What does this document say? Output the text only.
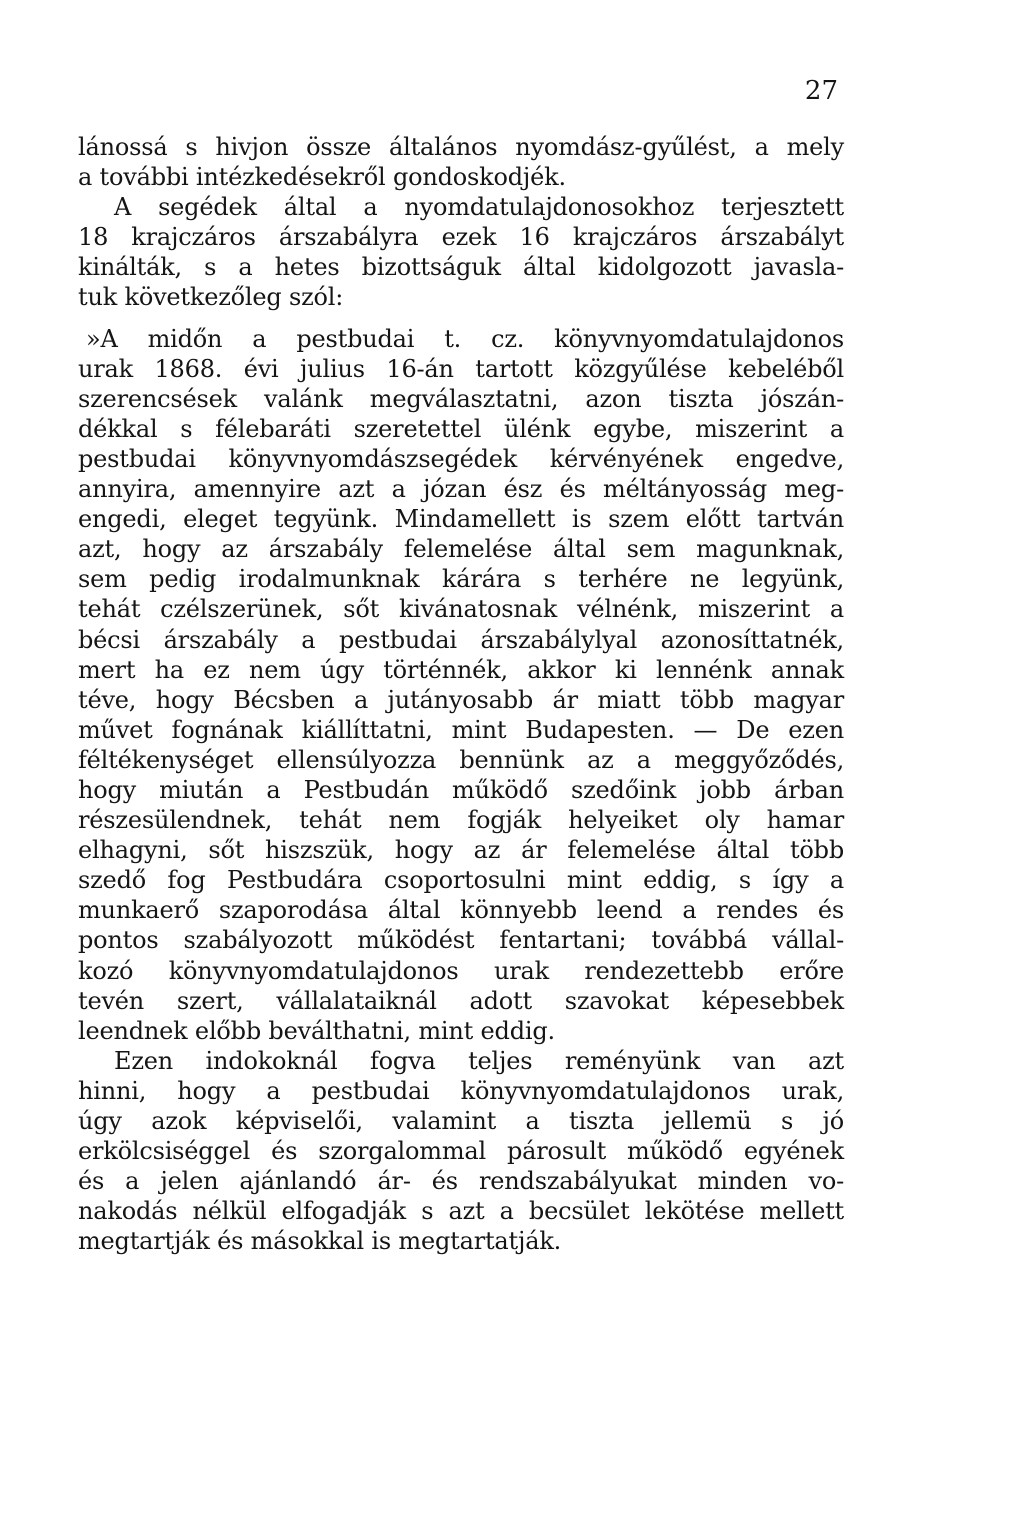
27
lánossá s hivjon össze általános nyomdász-gyűlést, a mely
a további intézkedésekről gondoskodjék.
A segédek által a nyomdatulajdonosokhoz terjesztett
18 krajczáros árszabályra ezek 16 krajczáros árszabályt
kinálták, s a hetes bizottságuk által kidolgozott javasla-
tuk következőleg szól:
»A midőn a pestbudai t. cz. könyvnyomdatulajdonos
urak 1868. évi julius 16-án tartott közgyűlése kebeléből
szerencsések valánk megválasztatni, azon tiszta jószán-
dékkal s félebaráti szeretettel ülénk egybe, miszerint a
pestbudai könyvnyomdászsegédek kérvényének engedve,
annyira, amennyire azt a józan ész és méltányosság meg-
engedi, eleget tegyünk. Mindamellett is szem előtt tartván
azt, hogy az árszabály felemelése által sem magunknak,
sem pedig irodalmunknak kárára s terhére ne legyünk,
tehát czélszerünek, sőt kivánatosnak vélnénk, miszerint a
bécsi árszabály a pestbudai árszabálylyal azonosíttatnék,
mert ha ez nem úgy történnék, akkor ki lennénk annak
téve, hogy Bécsben a jutányosabb ár miatt több magyar
művet fognának kiállíttatni, mint Budapesten. — De ezen
féltékenységet ellensúlyozza bennünk az a meggyőződés,
hogy miután a Pestbudán működő szedőink jobb árban
részesülendnek, tehát nem fogják helyeiket oly hamar
elhagyni, sőt hiszszük, hogy az ár felemelése által több
szedő fog Pestbudára csoportosulni mint eddig, s így a
munkaerő szaporodása által könnyebb leend a rendes és
pontos szabályozott működést fentartani; továbbá vállal-
kozó könyvnyomdatulajdonos urak rendezettebb erőre
tevén szert, vállalataiknál adott szavokat képesebbek
leendnek előbb beválthatni, mint eddig.
Ezen indokoknál fogva teljes reményünk van azt
hinni, hogy a pestbudai könyvnyomdatulajdonos urak,
úgy azok képviselői, valamint a tiszta jellemü s jó
erkölcsiséggel és szorgalommal párosult működő egyének
és a jelen ajánlandó ár- és rendszabályukat minden vo-
nakodás nélkül elfogadják s azt a becsület lekötése mellett
megtartják és másokkal is megtartatják.
